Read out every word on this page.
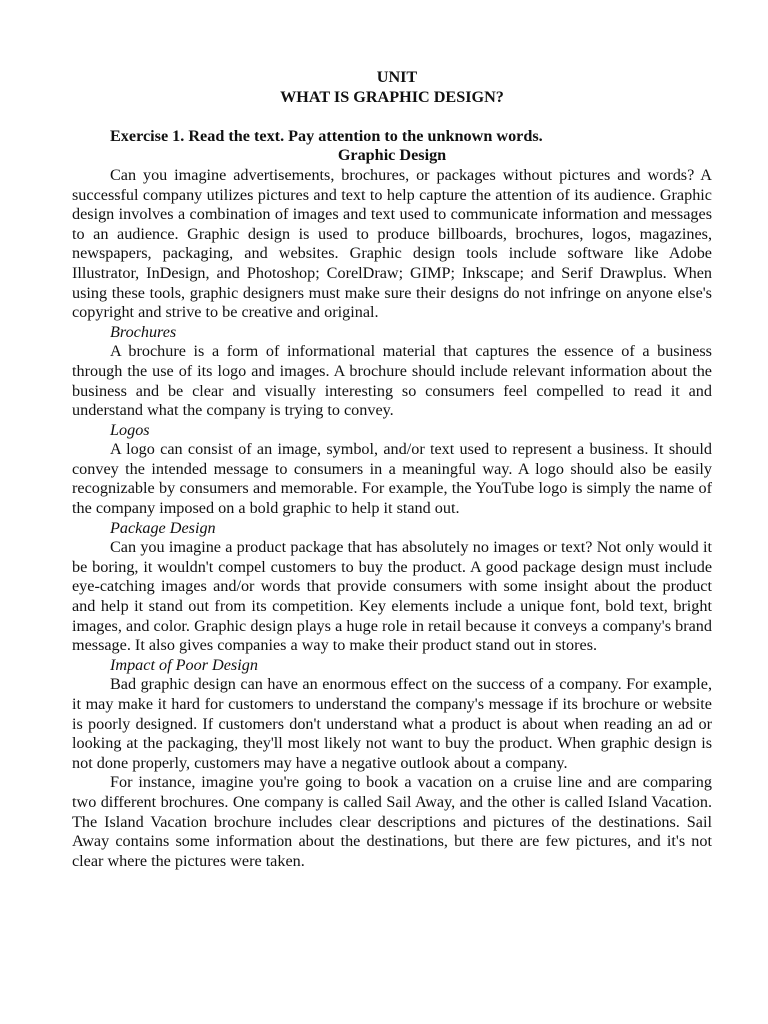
UNIT

WHAT IS GRAPHIC DESIGN?

Exercise 1. Read the text. Pay attention to the unknown words.

Graphic Design

Can you imagine advertisements, brochures, or packages without pictures and words? A successful company utilizes pictures and text to help capture the attention of its audience. Graphic design involves a combination of images and text used to communicate information and messages to an audience. Graphic design is used to produce billboards, brochures, logos, magazines, newspapers, packaging, and websites. Graphic design tools include software like Adobe Illustrator, InDesign, and Photoshop; CorelDraw; GIMP; Inkscape; and Serif Drawplus. When using these tools, graphic designers must make sure their designs do not infringe on anyone else's copyright and strive to be creative and original.

Brochures

A brochure is a form of informational material that captures the essence of a business through the use of its logo and images. A brochure should include relevant information about the business and be clear and visually interesting so consumers feel compelled to read it and understand what the company is trying to convey.

Logos

A logo can consist of an image, symbol, and/or text used to represent a business. It should convey the intended message to consumers in a meaningful way. A logo should also be easily recognizable by consumers and memorable. For example, the YouTube logo is simply the name of the company imposed on a bold graphic to help it stand out.

Package Design

Can you imagine a product package that has absolutely no images or text? Not only would it be boring, it wouldn't compel customers to buy the product. A good package design must include eye-catching images and/or words that provide consumers with some insight about the product and help it stand out from its competition. Key elements include a unique font, bold text, bright images, and color. Graphic design plays a huge role in retail because it conveys a company's brand message. It also gives companies a way to make their product stand out in stores.

Impact of Poor Design

Bad graphic design can have an enormous effect on the success of a company. For example, it may make it hard for customers to understand the company's message if its brochure or website is poorly designed. If customers don't understand what a product is about when reading an ad or looking at the packaging, they'll most likely not want to buy the product. When graphic design is not done properly, customers may have a negative outlook about a company.

For instance, imagine you're going to book a vacation on a cruise line and are comparing two different brochures. One company is called Sail Away, and the other is called Island Vacation. The Island Vacation brochure includes clear descriptions and pictures of the destinations. Sail Away contains some information about the destinations, but there are few pictures, and it's not clear where the pictures were taken.
